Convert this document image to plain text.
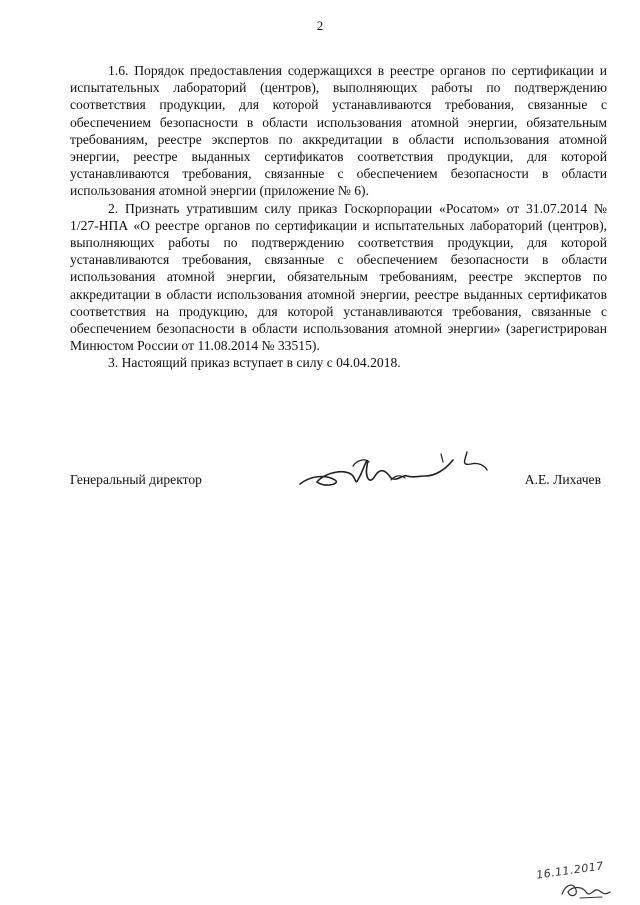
2

1.6. Порядок предоставления содержащихся в реестре органов по сертификации и испытательных лабораторий (центров), выполняющих работы по подтверждению соответствия продукции, для которой устанавливаются требования, связанные с обеспечением безопасности в области использования атомной энергии, обязательным требованиям, реестре экспертов по аккредитации в области использования атомной энергии, реестре выданных сертификатов соответствия продукции, для которой устанавливаются требования, связанные с обеспечением безопасности в области использования атомной энергии (приложение № 6).

2. Признать утратившим силу приказ Госкорпорации «Росатом» от 31.07.2014 № 1/27-НПА «О реестре органов по сертификации и испытательных лабораторий (центров), выполняющих работы по подтверждению соответствия продукции, для которой устанавливаются требования, связанные с обеспечением безопасности в области использования атомной энергии, обязательным требованиям, реестре экспертов по аккредитации в области использования атомной энергии, реестре выданных сертификатов соответствия на продукцию, для которой устанавливаются требования, связанные с обеспечением безопасности в области использования атомной энергии» (зарегистрирован Минюстом России от 11.08.2014 № 33515).

3. Настоящий приказ вступает в силу с 04.04.2018.

Генеральный директор	А.Е. Лихачев
16.11.2017
